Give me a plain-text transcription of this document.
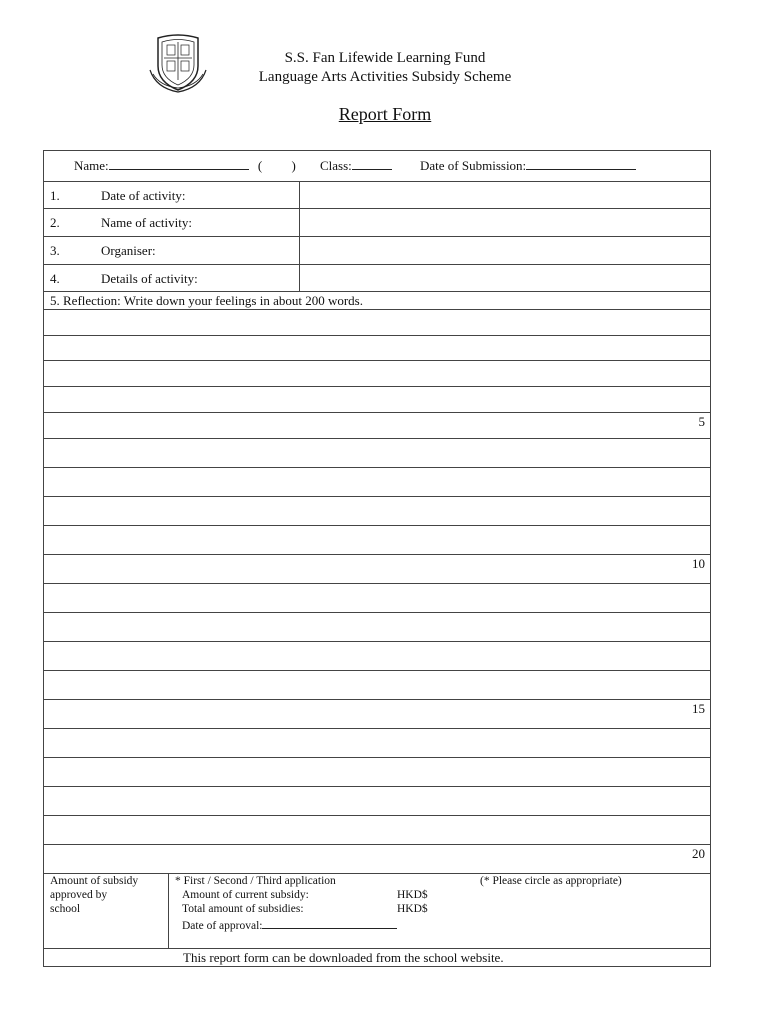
S.S. Fan Lifewide Learning Fund
Language Arts Activities Subsidy Scheme
Report Form
Name:	( ) Class:	Date of Submission:
1.	Date of activity:
2.	Name of activity:
3.	Organiser:
4.	Details of activity:
5. Reflection: Write down your feelings in about 200 words.
5
10
15
20
Amount of subsidy
approved by
school
* First / Second / Third application	(* Please circle as appropriate)
Amount of current subsidy:	HKD$
Total amount of subsidies:	HKD$
Date of approval:
This report form can be downloaded from the school website.
